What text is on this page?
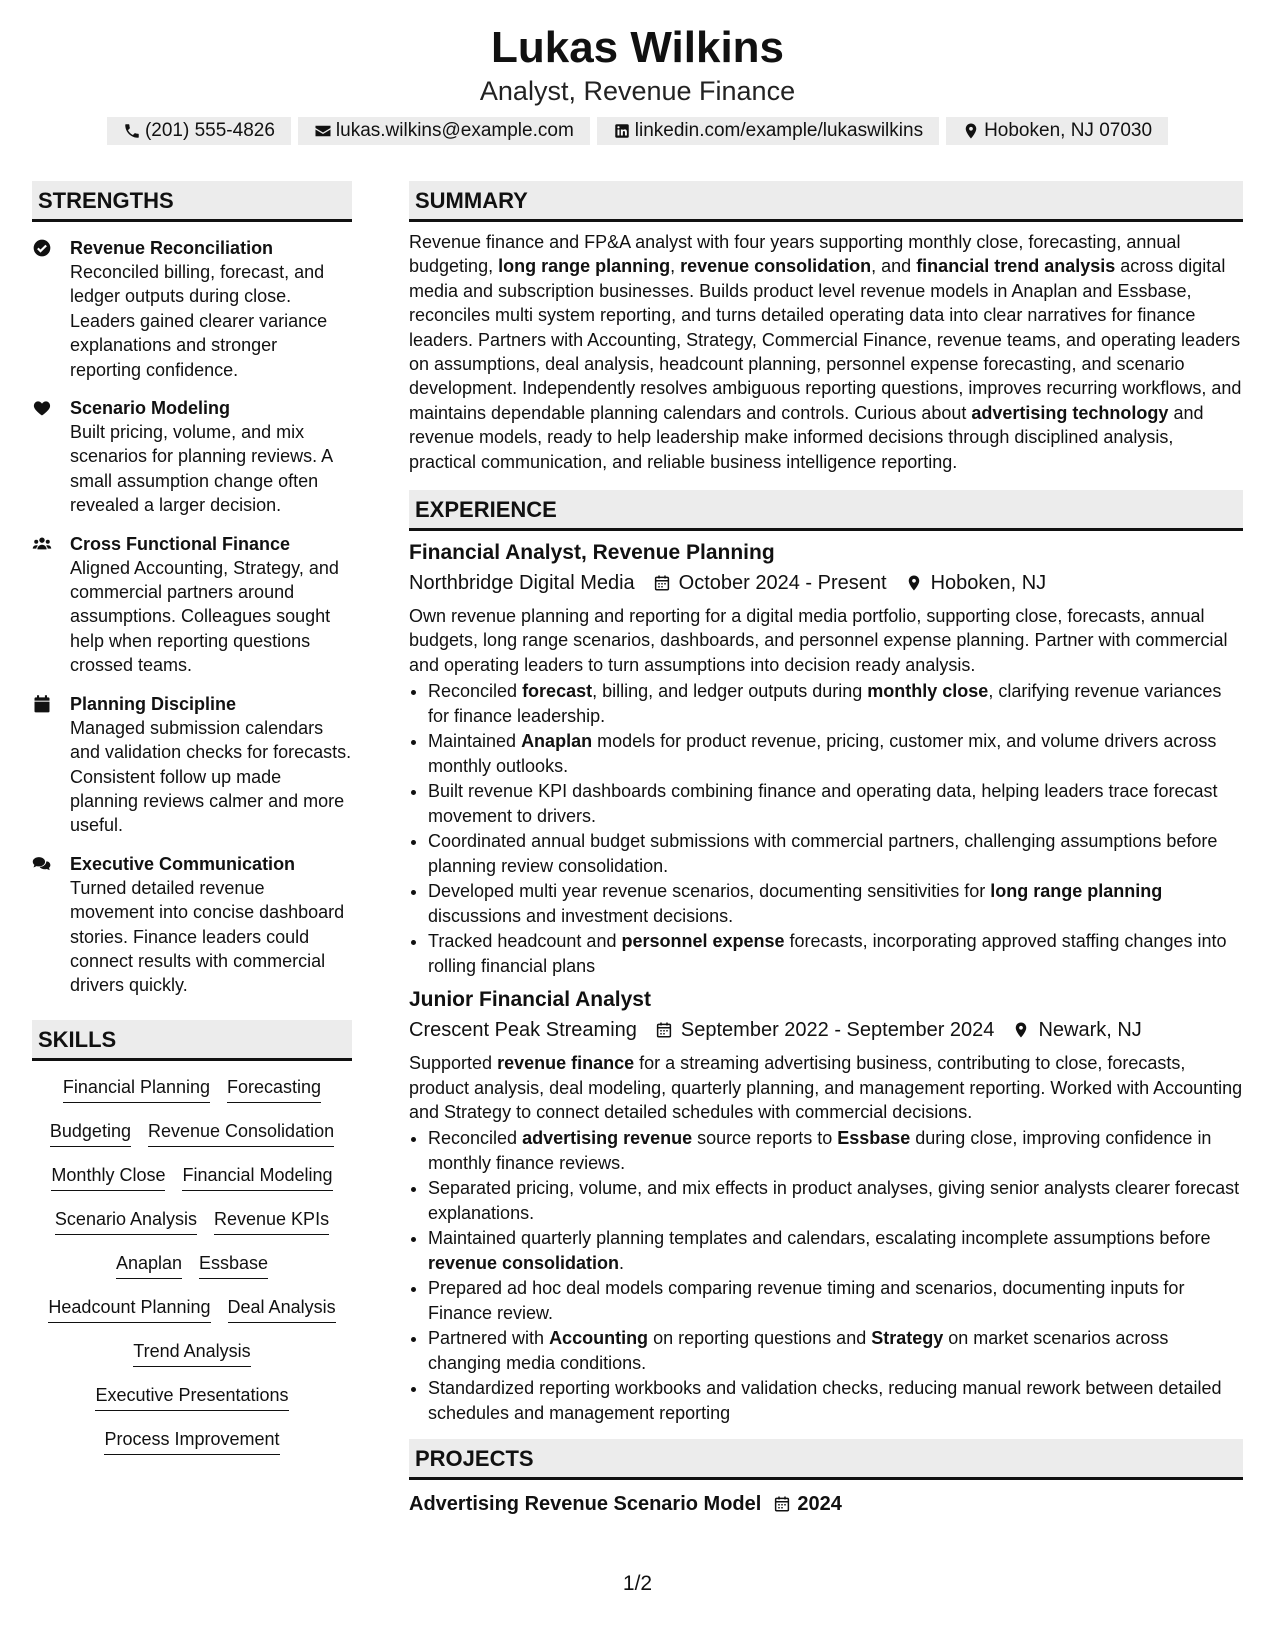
Lukas Wilkins
Analyst, Revenue Finance
(201) 555-4826	lukas.wilkins@example.com	linkedin.com/example/lukaswilkins	Hoboken, NJ 07030
STRENGTHS
Revenue Reconciliation
Reconciled billing, forecast, and ledger outputs during close. Leaders gained clearer variance explanations and stronger reporting confidence.
Scenario Modeling
Built pricing, volume, and mix scenarios for planning reviews. A small assumption change often revealed a larger decision.
Cross Functional Finance
Aligned Accounting, Strategy, and commercial partners around assumptions. Colleagues sought help when reporting questions crossed teams.
Planning Discipline
Managed submission calendars and validation checks for forecasts. Consistent follow up made planning reviews calmer and more useful.
Executive Communication
Turned detailed revenue movement into concise dashboard stories. Finance leaders could connect results with commercial drivers quickly.
SKILLS
Financial Planning Forecasting
Budgeting Revenue Consolidation
Monthly Close Financial Modeling
Scenario Analysis Revenue KPIs
Anaplan Essbase
Headcount Planning Deal Analysis
Trend Analysis
Executive Presentations
Process Improvement
SUMMARY
Revenue finance and FP&A analyst with four years supporting monthly close, forecasting, annual budgeting, long range planning, revenue consolidation, and financial trend analysis across digital media and subscription businesses. Builds product level revenue models in Anaplan and Essbase, reconciles multi system reporting, and turns detailed operating data into clear narratives for finance leaders. Partners with Accounting, Strategy, Commercial Finance, revenue teams, and operating leaders on assumptions, deal analysis, headcount planning, personnel expense forecasting, and scenario development. Independently resolves ambiguous reporting questions, improves recurring workflows, and maintains dependable planning calendars and controls. Curious about advertising technology and revenue models, ready to help leadership make informed decisions through disciplined analysis, practical communication, and reliable business intelligence reporting.
EXPERIENCE
Financial Analyst, Revenue Planning
Northbridge Digital Media October 2024 - Present Hoboken, NJ
Own revenue planning and reporting for a digital media portfolio, supporting close, forecasts, annual budgets, long range scenarios, dashboards, and personnel expense planning. Partner with commercial and operating leaders to turn assumptions into decision ready analysis.
• Reconciled forecast, billing, and ledger outputs during monthly close, clarifying revenue variances for finance leadership.
• Maintained Anaplan models for product revenue, pricing, customer mix, and volume drivers across monthly outlooks.
• Built revenue KPI dashboards combining finance and operating data, helping leaders trace forecast movement to drivers.
• Coordinated annual budget submissions with commercial partners, challenging assumptions before planning review consolidation.
• Developed multi year revenue scenarios, documenting sensitivities for long range planning discussions and investment decisions.
• Tracked headcount and personnel expense forecasts, incorporating approved staffing changes into rolling financial plans
Junior Financial Analyst
Crescent Peak Streaming September 2022 - September 2024 Newark, NJ
Supported revenue finance for a streaming advertising business, contributing to close, forecasts, product analysis, deal modeling, quarterly planning, and management reporting. Worked with Accounting and Strategy to connect detailed schedules with commercial decisions.
• Reconciled advertising revenue source reports to Essbase during close, improving confidence in monthly finance reviews.
• Separated pricing, volume, and mix effects in product analyses, giving senior analysts clearer forecast explanations.
• Maintained quarterly planning templates and calendars, escalating incomplete assumptions before revenue consolidation.
• Prepared ad hoc deal models comparing revenue timing and scenarios, documenting inputs for Finance review.
• Partnered with Accounting on reporting questions and Strategy on market scenarios across changing media conditions.
• Standardized reporting workbooks and validation checks, reducing manual rework between detailed schedules and management reporting
PROJECTS
Advertising Revenue Scenario Model 2024
1/2
